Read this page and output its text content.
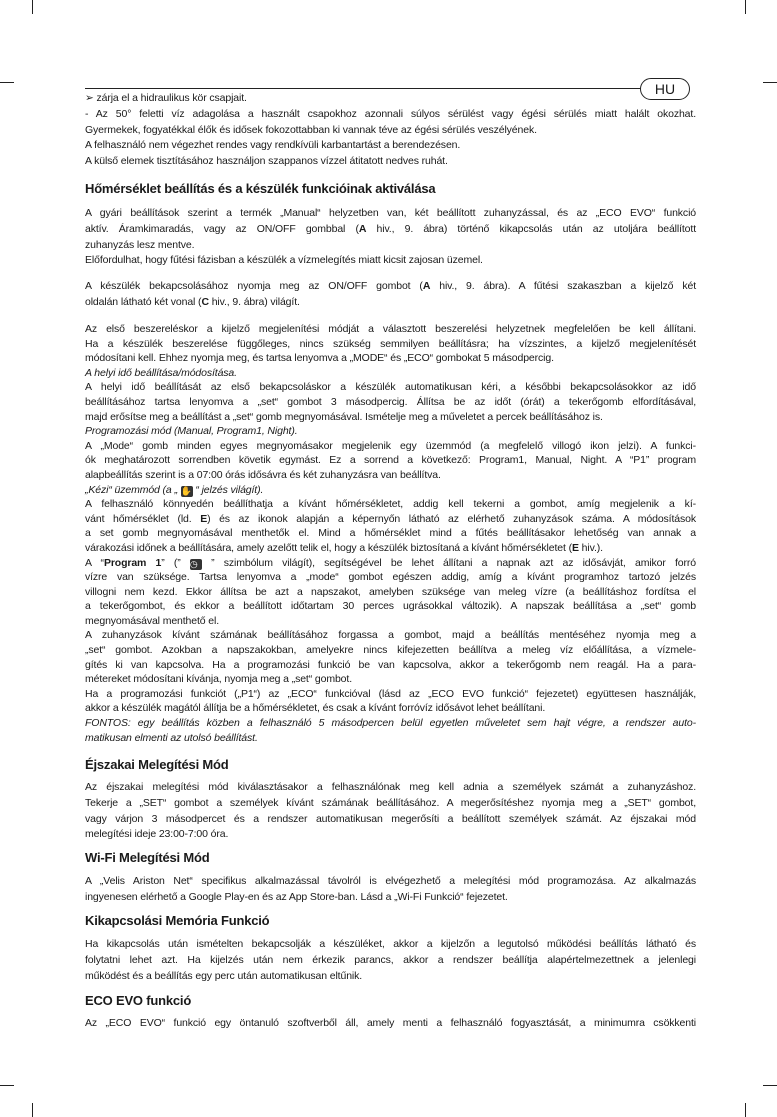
HU
Hőmérséklet beállítás és a készülék funkcióinak aktiválása
Éjszakai Melegítési Mód
Wi-Fi Melegítési Mód
Kikapcsolási Memória Funkció
ECO EVO funkció
➢ zárja el a hidraulikus kör csapjait.
- Az 50° feletti víz adagolása a használt csapokhoz azonnali súlyos sérülést vagy égési sérülés miatt halált okozhat.
Gyermekek, fogyatékkal élők és idősek fokozottabban ki vannak téve az égési sérülés veszélyének.
A felhasználó nem végezhet rendes vagy rendkívüli karbantartást a berendezésen.
A külső elemek tisztításához használjon szappanos vízzel átitatott nedves ruhát.
A gyári beállítások szerint a termék „Manual“ helyzetben van, két beállított zuhanyzással, és az „ECO EVO“ funkció
aktív. Áramkimaradás, vagy az ON/OFF gombbal (A hiv., 9. ábra) történő kikapcsolás után az utoljára beállított
zuhanyzás lesz mentve.
Előfordulhat, hogy fűtési fázisban a készülék a vízmelegítés miatt kicsit zajosan üzemel.
A készülék bekapcsolásához nyomja meg az ON/OFF gombot (A hiv., 9. ábra). A fűtési szakaszban a kijelző két
oldalán látható két vonal (C hiv., 9. ábra) világít.
Az első beszereléskor a kijelző megjelenítési módját a választott beszerelési helyzetnek megfelelően be kell állítani.
Ha a készülék beszerelése függőleges, nincs szükség semmilyen beállításra; ha vízszintes, a kijelző megjelenítését
módosítani kell. Ehhez nyomja meg, és tartsa lenyomva a „MODE“ és „ECO“ gombokat 5 másodpercig.
A helyi idő beállítása/módosítása.
A helyi idő beállítását az első bekapcsoláskor a készülék automatikusan kéri, a későbbi bekapcsolásokkor az idő
beállításához tartsa lenyomva a „set“ gombot 3 másodpercig. Állítsa be az időt (órát) a tekerőgomb elfordításával,
majd erősítse meg a beállítást a „set“ gomb megnyomásával. Ismételje meg a műveletet a percek beállításához is.
Programozási mód (Manual, Program1, Night).
A „Mode“ gomb minden egyes megnyomásakor megjelenik egy üzemmód (a megfelelő villogó ikon jelzi). A funkci-
ók meghatározott sorrendben követik egymást. Ez a sorrend a következő: Program1, Manual, Night. A “P1” program
alapbeállítás szerint is a 07:00 órás idősávra és két zuhanyzásra van beállítva.
„Kézi“ üzemmód (a „ ✋ “ jelzés világít).
A felhasználó könnyedén beállíthatja a kívánt hőmérsékletet, addig kell tekerni a gombot, amíg megjelenik a kí-
vánt hőmérséklet (ld. E) és az ikonok alapján a képernyőn látható az elérhető zuhanyzások száma. A módosítások
a set gomb megnyomásával menthetők el. Mind a hőmérséklet mind a fűtés beállításakor lehetőség van annak a
várakozási időnek a beállítására, amely azelőtt telik el, hogy a készülék biztosítaná a kívánt hőmérsékletet (E hiv.).
A “Program 1” (” ◷ ” szimbólum világít), segítségével be lehet állítani a napnak azt az idősávját, amikor forró
vízre van szüksége. Tartsa lenyomva a „mode“ gombot egészen addig, amíg a kívánt programhoz tartozó jelzés
villogni nem kezd. Ekkor állítsa be azt a napszakot, amelyben szüksége van meleg vízre (a beállításhoz fordítsa el
a tekerőgombot, és ekkor a beállított időtartam 30 perces ugrásokkal változik). A napszak beállítása a „set“ gomb
megnyomásával menthető el.
A zuhanyzások kívánt számának beállításához forgassa a gombot, majd a beállítás mentéséhez nyomja meg a
„set“ gombot. Azokban a napszakokban, amelyekre nincs kifejezetten beállítva a meleg víz előállítása, a vízmele-
gítés ki van kapcsolva. Ha a programozási funkció be van kapcsolva, akkor a tekerőgomb nem reagál. Ha a para-
métereket módosítani kívánja, nyomja meg a „set“ gombot.
Ha a programozási funkciót („P1“) az „ECO“ funkcióval (lásd az „ECO EVO funkció“ fejezetet) együttesen használják,
akkor a készülék magától állítja be a hőmérsékletet, és csak a kívánt forróvíz idősávot lehet beállítani.
FONTOS: egy beállítás közben a felhasználó 5 másodpercen belül egyetlen műveletet sem hajt végre, a rendszer auto-
matikusan elmenti az utolsó beállítást.
Az éjszakai melegítési mód kiválasztásakor a felhasználónak meg kell adnia a személyek számát a zuhanyzáshoz.
Tekerje a „SET“ gombot a személyek kívánt számának beállításához. A megerősítéshez nyomja meg a „SET“ gombot,
vagy várjon 3 másodpercet és a rendszer automatikusan megerősíti a beállított személyek számát. Az éjszakai mód
melegítési ideje 23:00-7:00 óra.
A „Velis Ariston Net“ specifikus alkalmazással távolról is elvégezhető a melegítési mód programozása. Az alkalmazás
ingyenesen elérhető a Google Play-en és az App Store-ban. Lásd a „Wi-Fi Funkció“ fejezetet.
Ha kikapcsolás után ismételten bekapcsolják a készüléket, akkor a kijelzőn a legutolsó működési beállítás látható és
folytatni lehet azt. Ha kijelzés után nem érkezik parancs, akkor a rendszer beállítja alapértelmezettnek a jelenlegi
működést és a beállítás egy perc után automatikusan eltűnik.
Az „ECO EVO“ funkció egy öntanuló szoftverből áll, amely menti a felhasználó fogyasztását, a minimumra csökkenti
